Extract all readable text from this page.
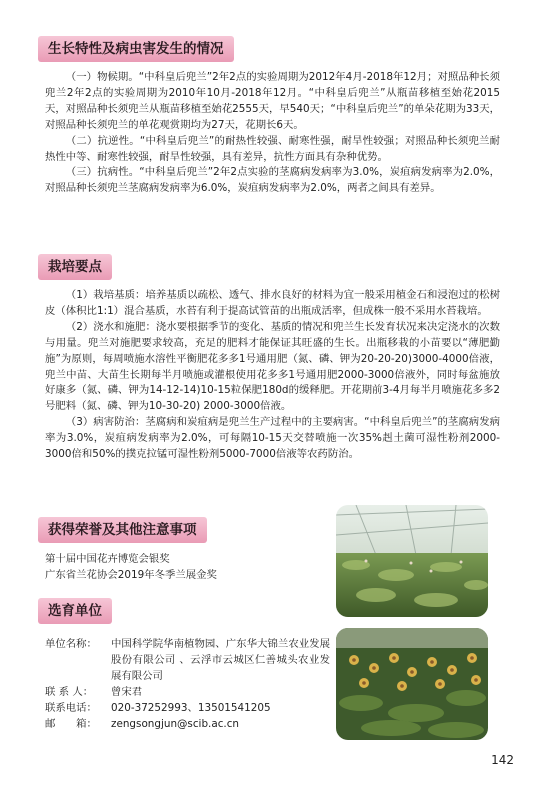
生长特性及病虫害发生的情况

（一）物候期。“中科皇后兜兰”2年2点的实验周期为2012年4月-2018年12月；对照品种长须兜兰2年2点的实验周期为2010年10月-2018年12月。“中科皇后兜兰”从瓶苗移植至始花2015天，对照品种长须兜兰从瓶苗移植至始花2555天，早540天；“中科皇后兜兰”的单朵花期为33天，对照品种长须兜兰的单花观赏期均为27天，花期长6天。

（二）抗逆性。“中科皇后兜兰”的耐热性较强、耐寒性强，耐旱性较强；对照品种长须兜兰耐热性中等、耐寒性较强，耐旱性较强，具有差异，抗性方面具有杂种优势。

（三）抗病性。“中科皇后兜兰”2年2点实验的茎腐病发病率为3.0%，炭疽病发病率为2.0%，对照品种长须兜兰茎腐病发病率为6.0%，炭疽病发病率为2.0%，两者之间具有差异。

栽培要点

（1）栽培基质：培养基质以疏松、透气、排水良好的材料为宜一般采用植金石和浸泡过的松树皮（体积比1:1）混合基质，水苔有利于提高试管苗的出瓶成活率，但成株一般不采用水苔栽培。

（2）浇水和施肥：浇水要根据季节的变化、基质的情况和兜兰生长发育状况来决定浇水的次数与用量。兜兰对施肥要求较高，充足的肥料才能保证其旺盛的生长。出瓶移栽的小苗要以“薄肥勤施”为原则，每周喷施水溶性平衡肥花多多1号通用肥（氮、磷、钾为20-20-20)3000-4000倍液，兜兰中苗、大苗生长期每半月喷施或灌根使用花多多1号通用肥2000-3000倍液外，同时每盆施放好康多（氮、磷、钾为14-12-14)10-15粒保肥180d的缓释肥。开花期前3-4月每半月喷施花多多2号肥料（氮、磷、钾为10-30-20) 2000-3000倍液。

（3）病害防治：茎腐病和炭疽病是兜兰生产过程中的主要病害。“中科皇后兜兰”的茎腐病发病率为3.0%，炭疽病发病率为2.0%，可每隔10-15天交替喷施一次35%赳土菌可湿性粉剂2000-3000倍和50%的撲克拉锰可湿性粉剂5000-7000倍液等农药防治。

获得荣誉及其他注意事项
第十届中国花卉博览会银奖
广东省兰花协会2019年冬季兰展金奖
选育单位
单位名称：	中国科学院华南植物园、广东华大锦兰农业发展股份有限公司 、云浮市云城区仁善城头农业发展有限公司
联 系 人：	曾宋君
联系电话：	020-37252993、13501541205
邮　　箱：	zengsongjun@scib.ac.cn
142
